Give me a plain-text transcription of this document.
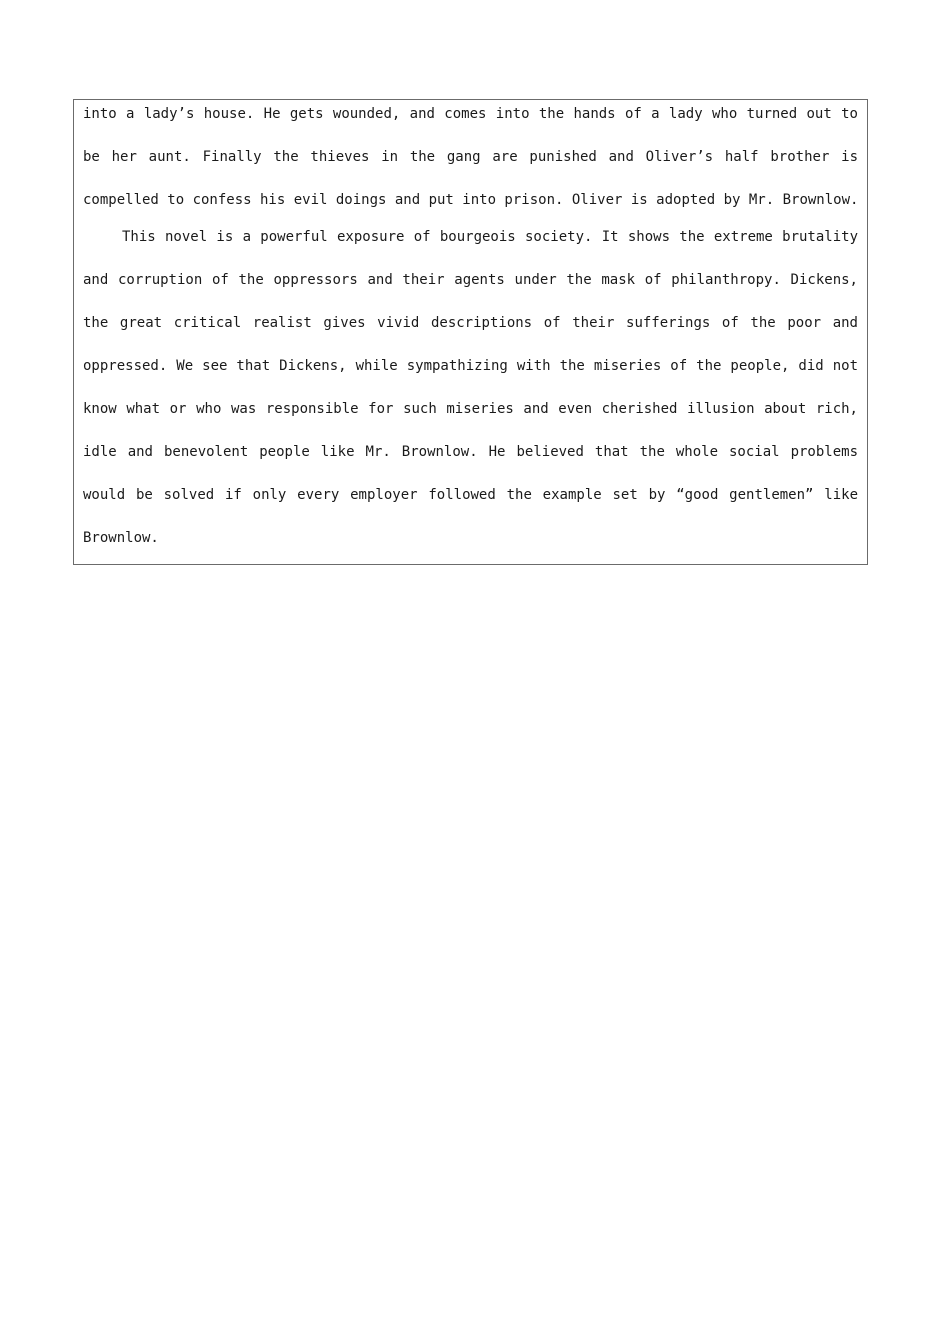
into a lady’s house. He gets wounded, and comes into the hands of a lady who turned out to
be her aunt. Finally the thieves in the gang are punished and Oliver’s half brother is
compelled to confess his evil doings and put into prison. Oliver is adopted by Mr. Brownlow.
This novel is a powerful exposure of bourgeois society. It shows the extreme brutality
and corruption of the oppressors and their agents under the mask of philanthropy. Dickens,
the great critical realist gives vivid descriptions of their sufferings of the poor and
oppressed. We see that Dickens, while sympathizing with the miseries of the people, did not
know what or who was responsible for such miseries and even cherished illusion about rich,
idle and benevolent people like Mr. Brownlow. He believed that the whole social problems
would be solved if only every employer followed the example set by “good gentlemen” like
Brownlow.
